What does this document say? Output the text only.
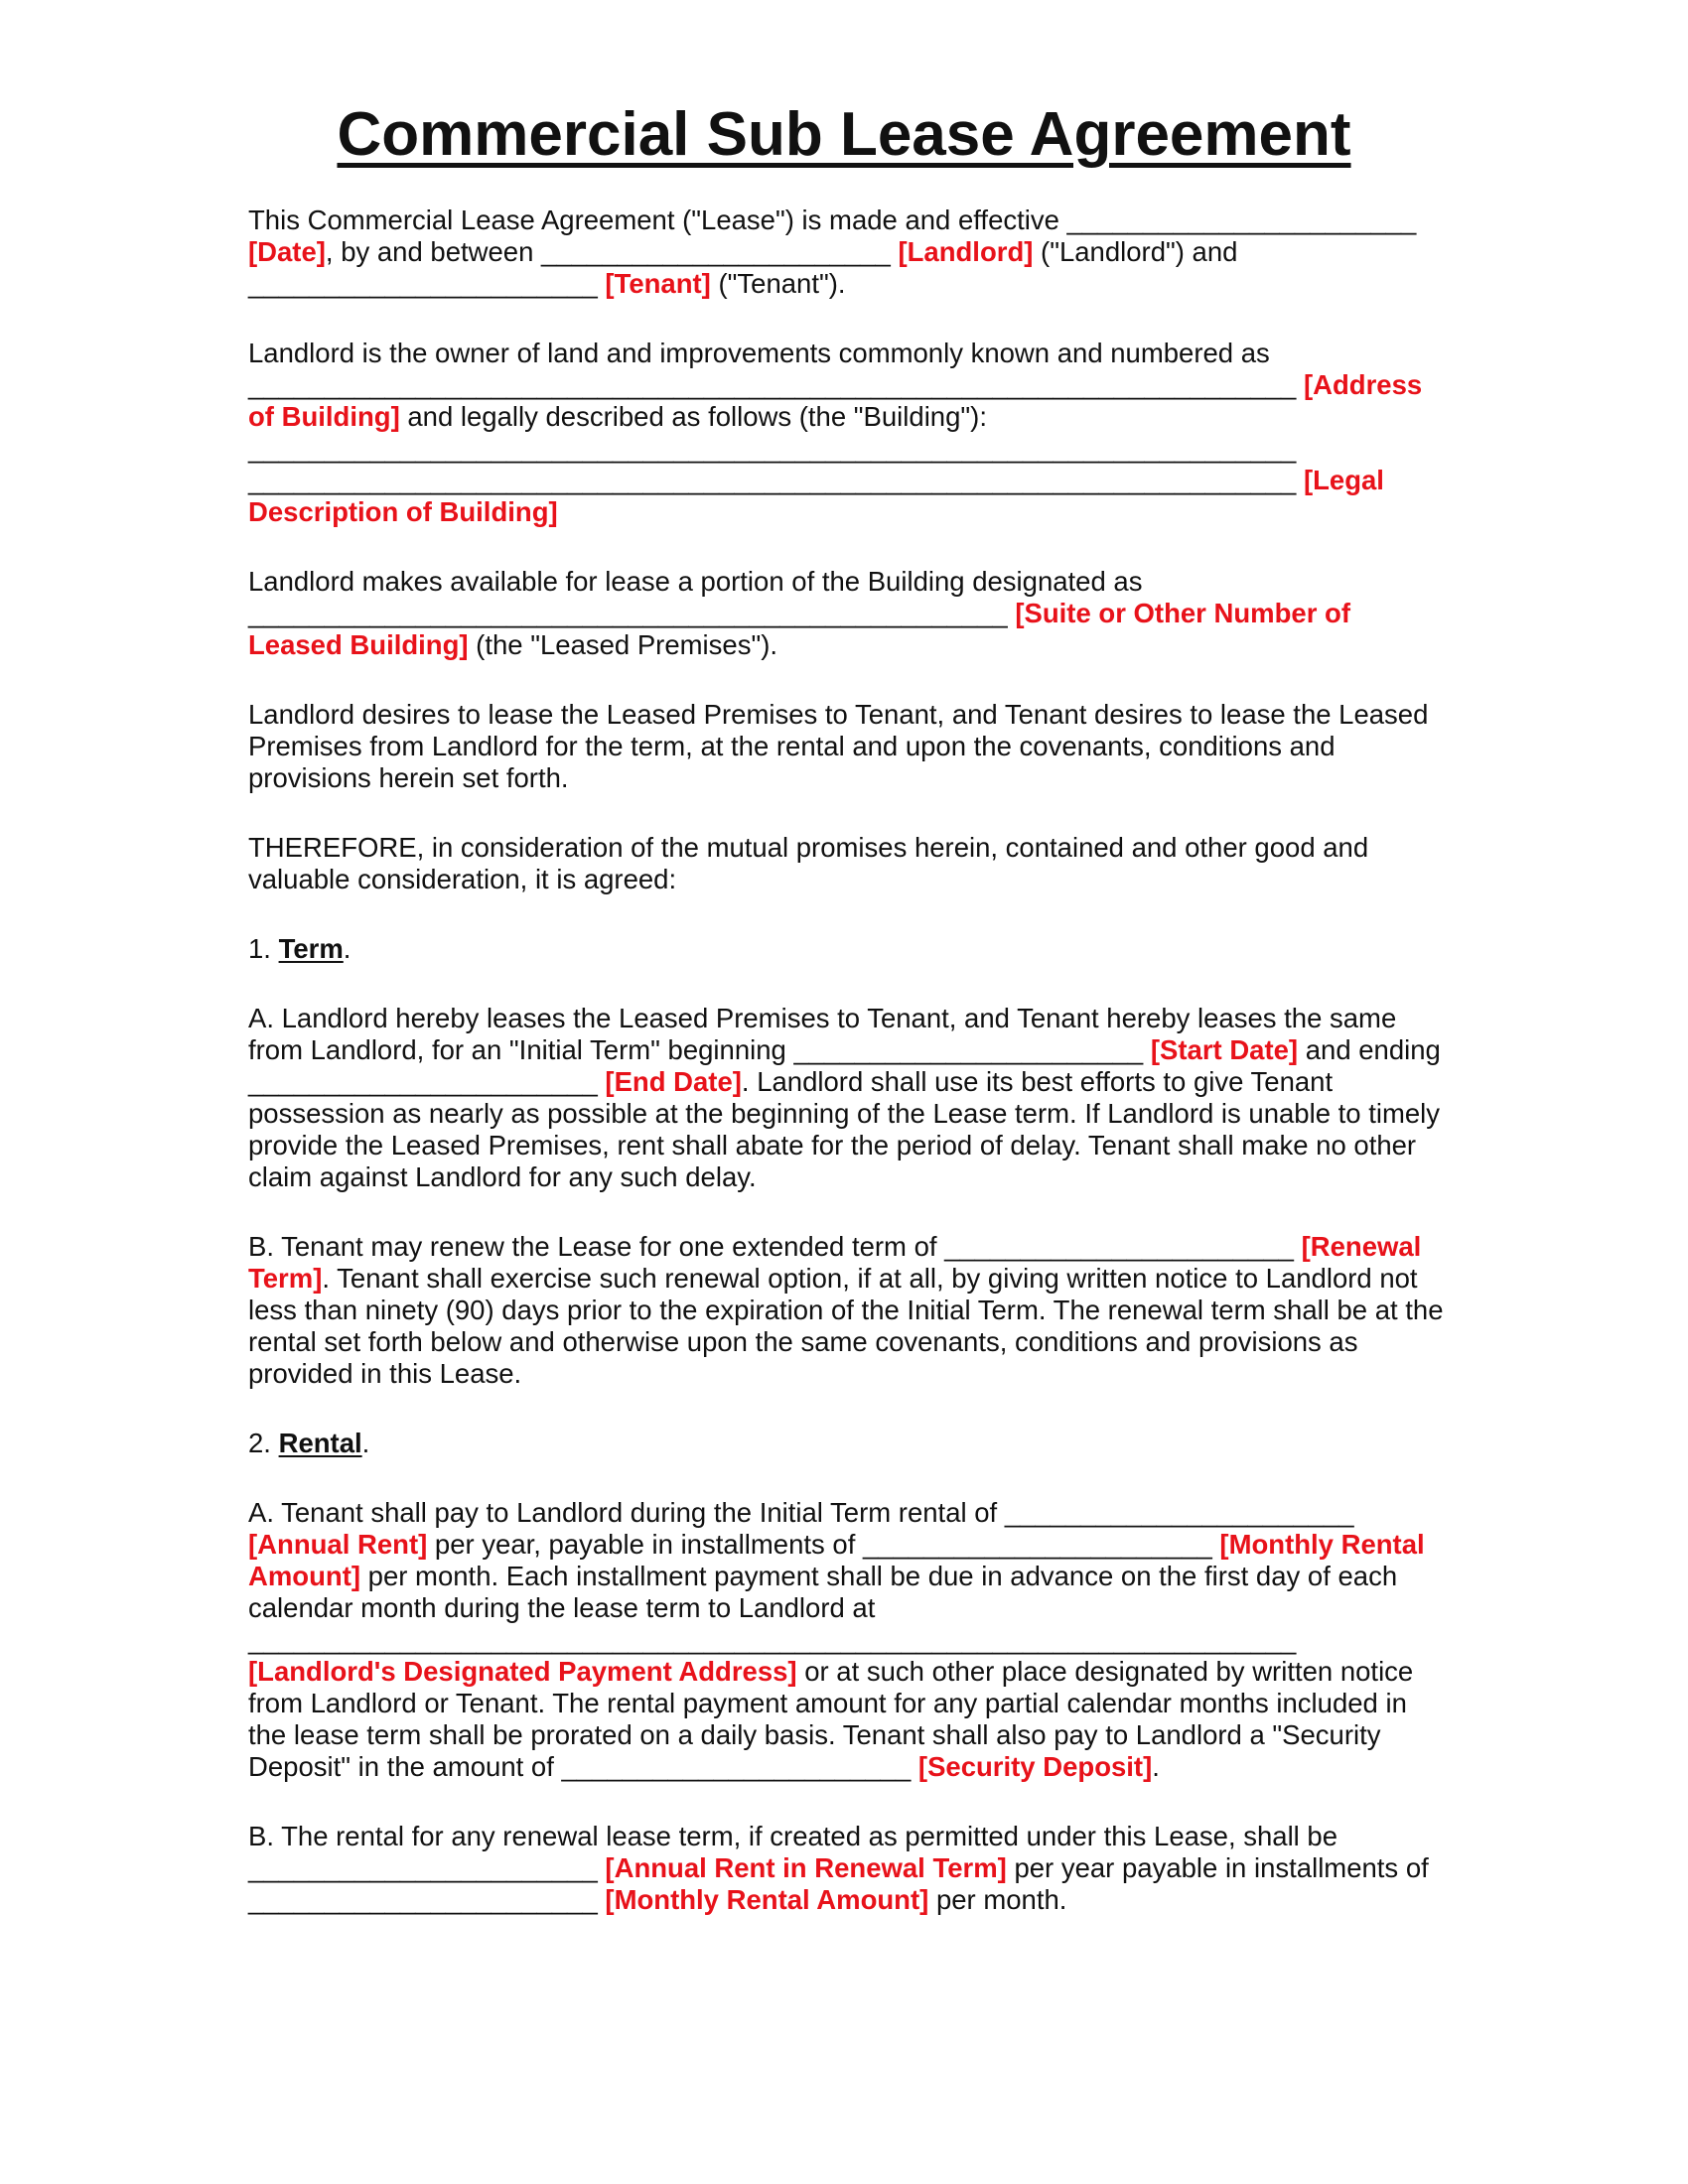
Commercial Sub Lease Agreement

This Commercial Lease Agreement ("Lease") is made and effective _______________________ [Date], by and between _______________________ [Landlord] ("Landlord") and _______________________ [Tenant] ("Tenant").

Landlord is the owner of land and improvements commonly known and numbered as _____________________________________________________________________ [Address of Building] and legally described as follows (the "Building"):
_____________________________________________________________________
_____________________________________________________________________ [Legal Description of Building]

Landlord makes available for lease a portion of the Building designated as __________________________________________________ [Suite or Other Number of Leased Building] (the "Leased Premises").

Landlord desires to lease the Leased Premises to Tenant, and Tenant desires to lease the Leased Premises from Landlord for the term, at the rental and upon the covenants, conditions and provisions herein set forth.

THEREFORE, in consideration of the mutual promises herein, contained and other good and valuable consideration, it is agreed:

1. Term.

A. Landlord hereby leases the Leased Premises to Tenant, and Tenant hereby leases the same from Landlord, for an "Initial Term" beginning _______________________ [Start Date] and ending _______________________ [End Date]. Landlord shall use its best efforts to give Tenant possession as nearly as possible at the beginning of the Lease term. If Landlord is unable to timely provide the Leased Premises, rent shall abate for the period of delay. Tenant shall make no other claim against Landlord for any such delay.

B. Tenant may renew the Lease for one extended term of _______________________ [Renewal Term]. Tenant shall exercise such renewal option, if at all, by giving written notice to Landlord not less than ninety (90) days prior to the expiration of the Initial Term. The renewal term shall be at the rental set forth below and otherwise upon the same covenants, conditions and provisions as provided in this Lease.

2. Rental.

A. Tenant shall pay to Landlord during the Initial Term rental of _______________________ [Annual Rent] per year, payable in installments of _______________________ [Monthly Rental Amount] per month. Each installment payment shall be due in advance on the first day of each calendar month during the lease term to Landlord at
_____________________________________________________________________
[Landlord's Designated Payment Address] or at such other place designated by written notice from Landlord or Tenant. The rental payment amount for any partial calendar months included in the lease term shall be prorated on a daily basis. Tenant shall also pay to Landlord a "Security Deposit" in the amount of _______________________ [Security Deposit].

B. The rental for any renewal lease term, if created as permitted under this Lease, shall be _______________________ [Annual Rent in Renewal Term] per year payable in installments of _______________________ [Monthly Rental Amount] per month.
